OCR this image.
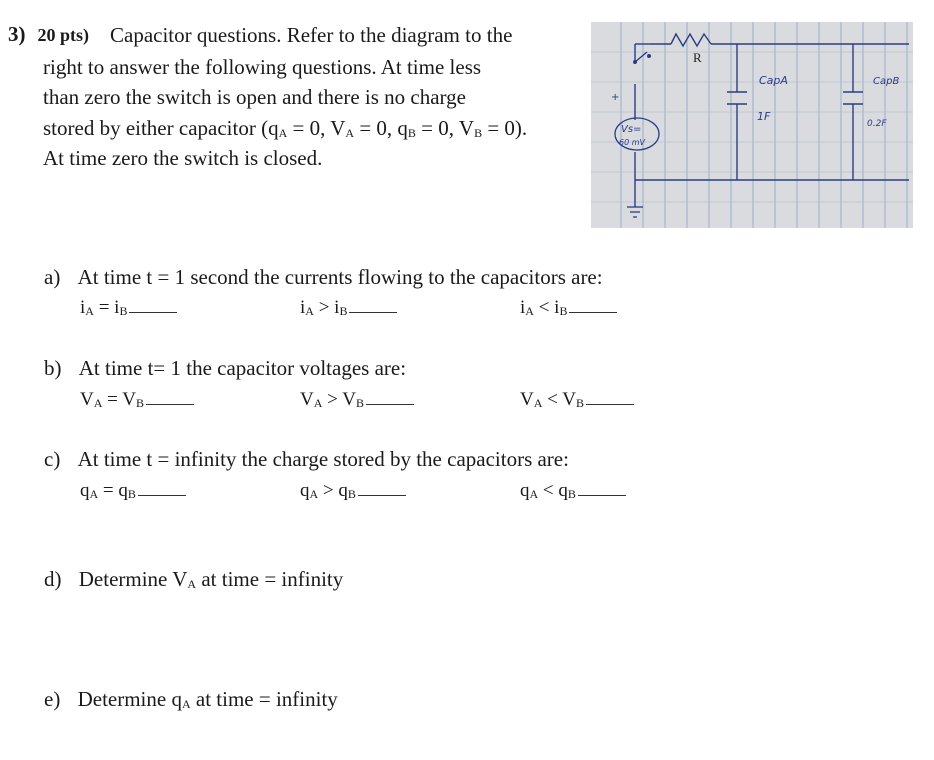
3) 20 pts) Capacitor questions. Refer to the diagram to the
right to answer the following questions. At time less
than zero the switch is open and there is no charge
stored by either capacitor ($q_A = 0$, $V_A = 0$, $q_B = 0$, $V_B = 0$).
At time zero the switch is closed.
R
CapA
1F
CapB
0.2F
Vs=
60 mV
+
a) At time t = 1 second the currents flowing to the capacitors are:
$i_A = i_B$	$i_A > i_B$	$i_A < i_B$
b) At time t= 1 the capacitor voltages are:
$V_A = V_B$	$V_A > V_B$	$V_A < V_B$
c) At time t = infinity the charge stored by the capacitors are:
$q_A = q_B$	$q_A > q_B$	$q_A < q_B$
d) Determine $V_A$ at time = infinity
e) Determine $q_A$ at time = infinity
